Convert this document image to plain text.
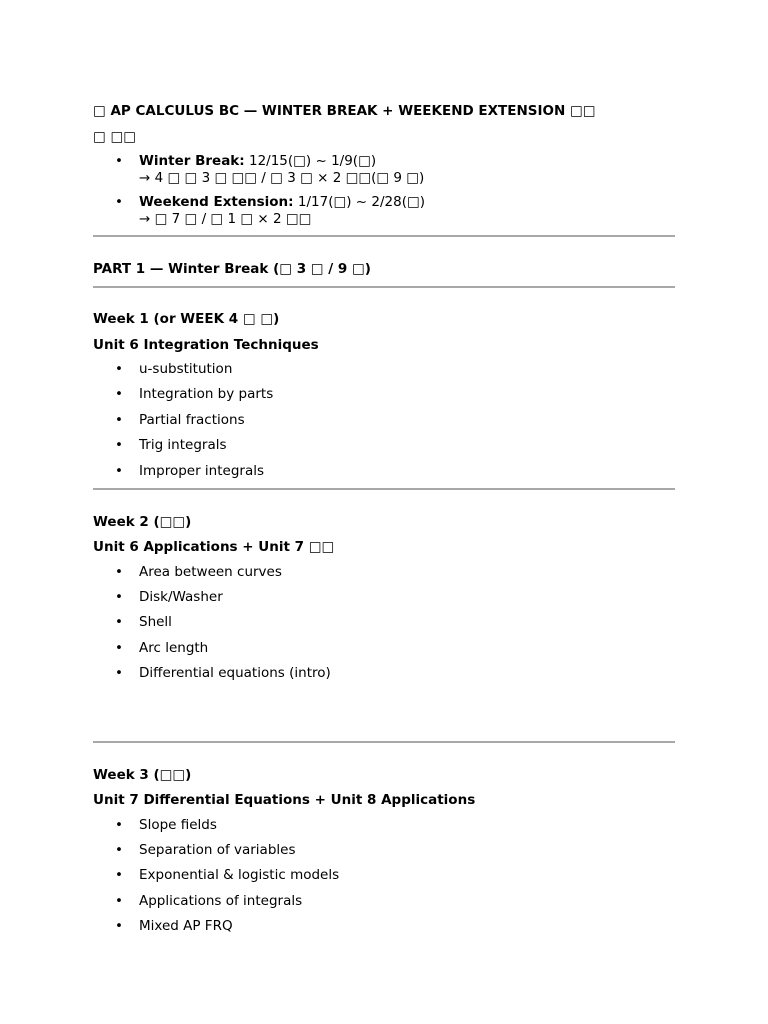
□ AP CALCULUS BC — WINTER BREAK + WEEKEND EXTENSION □□
□ □□
• Winter Break: 12/15(□) ~ 1/9(□)
→ 4 □ □ 3 □ □□ / □ 3 □ × 2 □□(□ 9 □)
• Weekend Extension: 1/17(□) ~ 2/28(□)
→ □ 7 □ / □ 1 □ × 2 □□
PART 1 — Winter Break (□ 3 □ / 9 □)
Week 1 (or WEEK 4 □ □)
Unit 6 Integration Techniques
• u-substitution
• Integration by parts
• Partial fractions
• Trig integrals
• Improper integrals
Week 2 (□□)
Unit 6 Applications + Unit 7 □□
• Area between curves
• Disk/Washer
• Shell
• Arc length
• Differential equations (intro)
Week 3 (□□)
Unit 7 Differential Equations + Unit 8 Applications
• Slope fields
• Separation of variables
• Exponential & logistic models
• Applications of integrals
• Mixed AP FRQ
